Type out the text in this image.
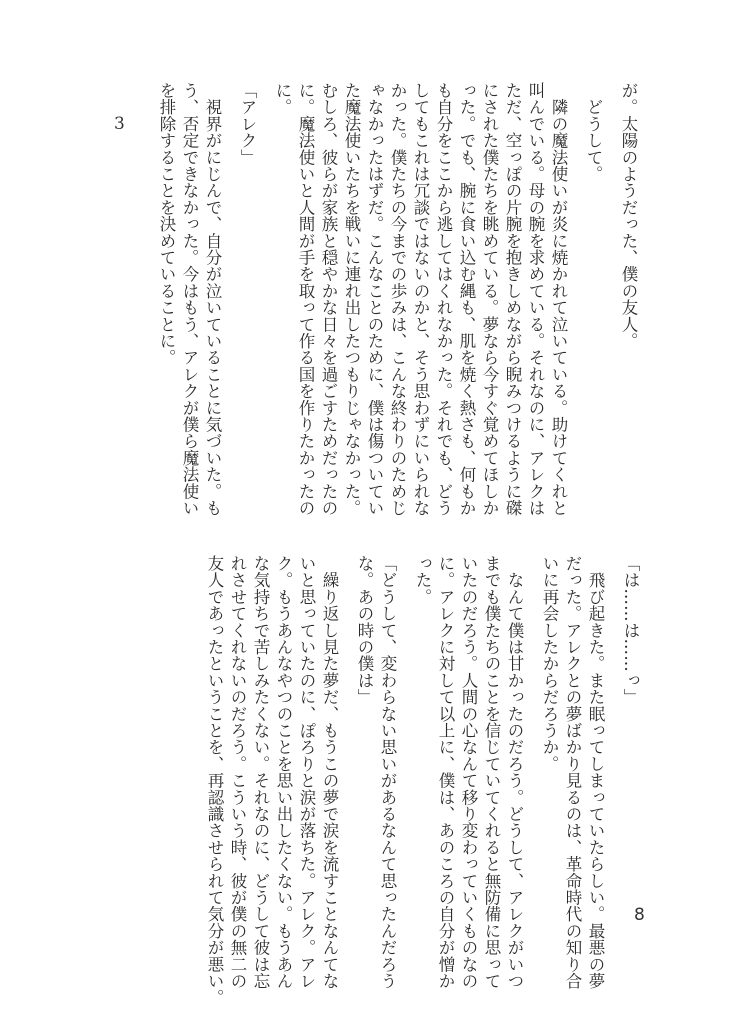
が。太陽のようだった、僕の友人。
　どうして。
　隣の魔法使いが炎に焼かれて泣いている。助けてくれと
叫んでいる。母の腕を求めている。それなのに、アレクは
ただ、空っぽの片腕を抱きしめながら睨みつけるように磔
にされた僕たちを眺めている。夢なら今すぐ覚めてほしか
った。でも、腕に食い込む縄も、肌を焼く熱さも、何もか
も自分をここから逃してはくれなかった。それでも、どう
してもこれは冗談ではないのかと、そう思わずにいられな
かった。僕たちの今までの歩みは、こんな終わりのためじ
ゃなかったはずだ。こんなことのために、僕は傷ついてい
た魔法使いたちを戦いに連れ出したつもりじゃなかった。
むしろ、彼らが家族と穏やかな日々を過ごすためだったの
に。魔法使いと人間が手を取って作る国を作りたかったの
に。
「アレク」
　視界がにじんで、自分が泣いていることに気づいた。も
う、否定できなかった。今はもう、アレクが僕ら魔法使い
を排除することを決めていることに。
3
「は……は……っ」
　飛び起きた。また眠ってしまっていたらしい。最悪の夢
だった。アレクとの夢ばかり見るのは、革命時代の知り合
いに再会したからだろうか。
　なんて僕は甘かったのだろう。どうして、アレクがいつ
までも僕たちのことを信じていてくれると無防備に思って
いたのだろう。人間の心なんて移り変わっていくものなの
に。アレクに対して以上に、僕は、あのころの自分が憎か
った。
「どうして、変わらない思いがあるなんて思ったんだろう
な。あの時の僕は」
　繰り返し見た夢だ、もうこの夢で涙を流すことなんてな
いと思っていたのに、ぽろりと涙が落ちた。アレク。アレ
ク。もうあんなやつのことを思い出したくない。もうあん
な気持ちで苦しみたくない。それなのに、どうして彼は忘
れさせてくれないのだろう。こういう時、彼が僕の無二の
友人であったということを、再認識させられて気分が悪い。	8
